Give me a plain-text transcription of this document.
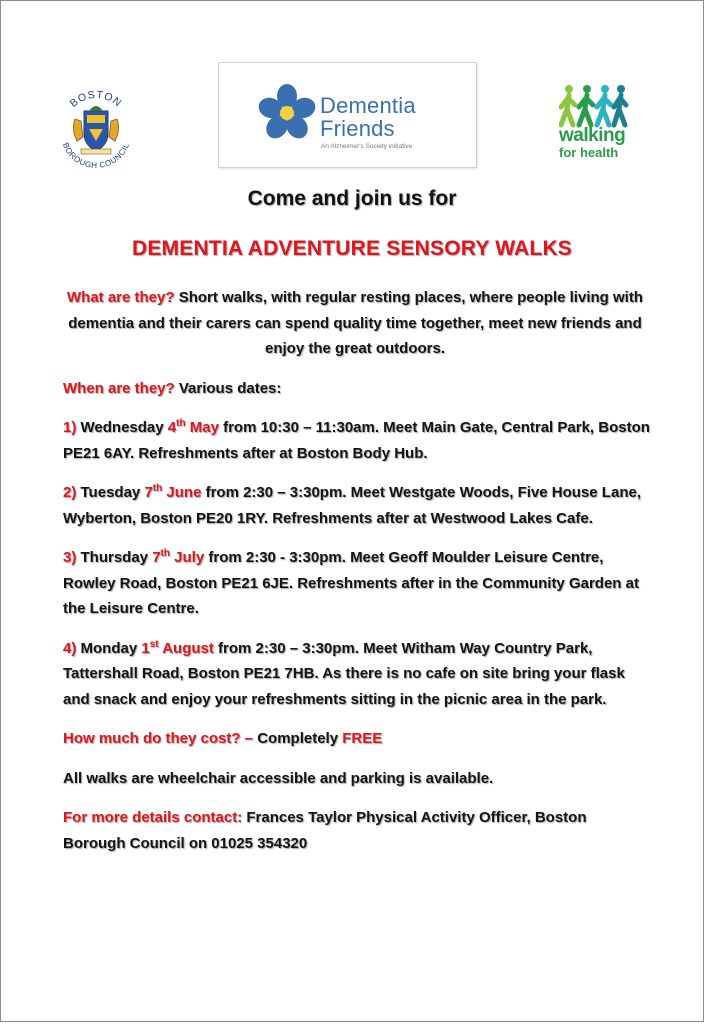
BOSTON
BOROUGH COUNCIL
Dementia
Friends
An Alzheimer's Society initiative
walking
for health
Come and join us for
DEMENTIA ADVENTURE SENSORY WALKS

What are they? Short walks, with regular resting places, where people living with dementia and their carers can spend quality time together, meet new friends and enjoy the great outdoors.

When are they? Various dates:

1) Wednesday 4th May from 10:30 – 11:30am. Meet Main Gate, Central Park, Boston PE21 6AY. Refreshments after at Boston Body Hub.

2) Tuesday 7th June from 2:30 – 3:30pm. Meet Westgate Woods, Five House Lane, Wyberton, Boston PE20 1RY. Refreshments after at Westwood Lakes Cafe.

3) Thursday 7th July from 2:30 - 3:30pm. Meet Geoff Moulder Leisure Centre, Rowley Road, Boston PE21 6JE. Refreshments after in the Community Garden at the Leisure Centre.

4) Monday 1st August from 2:30 – 3:30pm. Meet Witham Way Country Park, Tattershall Road, Boston PE21 7HB. As there is no cafe on site bring your flask and snack and enjoy your refreshments sitting in the picnic area in the park.

How much do they cost? – Completely FREE

All walks are wheelchair accessible and parking is available.

For more details contact: Frances Taylor Physical Activity Officer, Boston Borough Council on 01025 354320
